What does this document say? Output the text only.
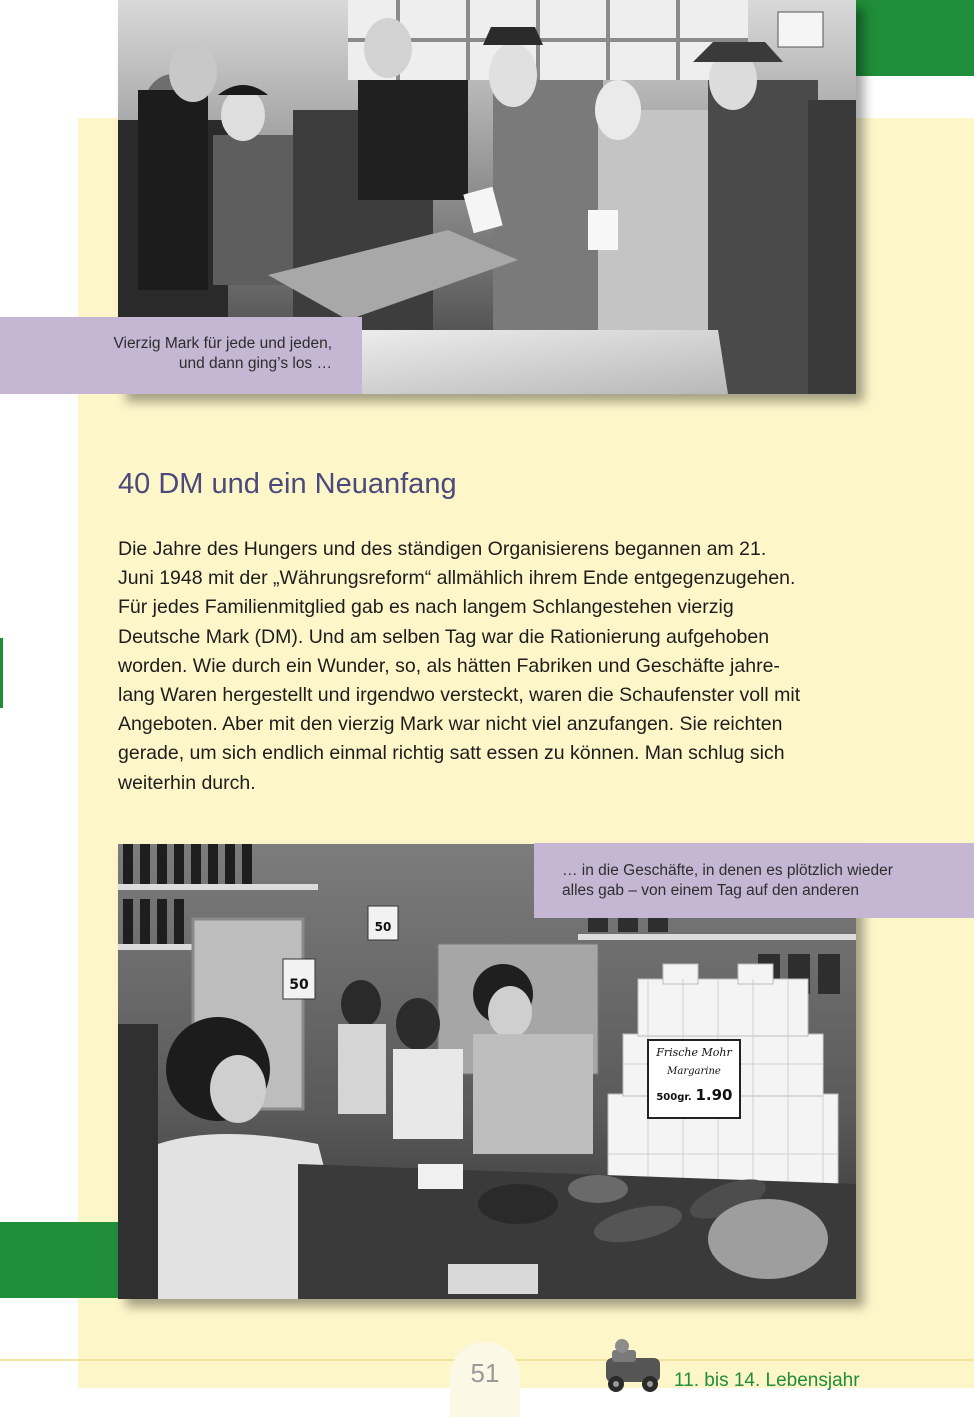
Vierzig Mark für jede und jeden,
und dann ging’s los …
40 DM und ein Neuanfang
Die Jahre des Hungers und des ständigen Organisierens begannen am 21.
Juni 1948 mit der „Währungsreform“ allmählich ihrem Ende entgegenzugehen.
Für jedes Familienmitglied gab es nach langem Schlangestehen vierzig
Deutsche Mark (DM). Und am selben Tag war die Rationierung aufgehoben
worden. Wie durch ein Wunder, so, als hätten Fabriken und Geschäfte jahre-
lang Waren hergestellt und irgendwo versteckt, waren die Schaufenster voll mit
Angeboten. Aber mit den vierzig Mark war nicht viel anzufangen. Sie reichten
gerade, um sich endlich einmal richtig satt essen zu können. Man schlug sich
weiterhin durch.
50
50
Frische Mohr
Margarine
500gr. 1.90
… in die Geschäfte, in denen es plötzlich wieder
alles gab – von einem Tag auf den anderen
51	11. bis 14. Lebensjahr
